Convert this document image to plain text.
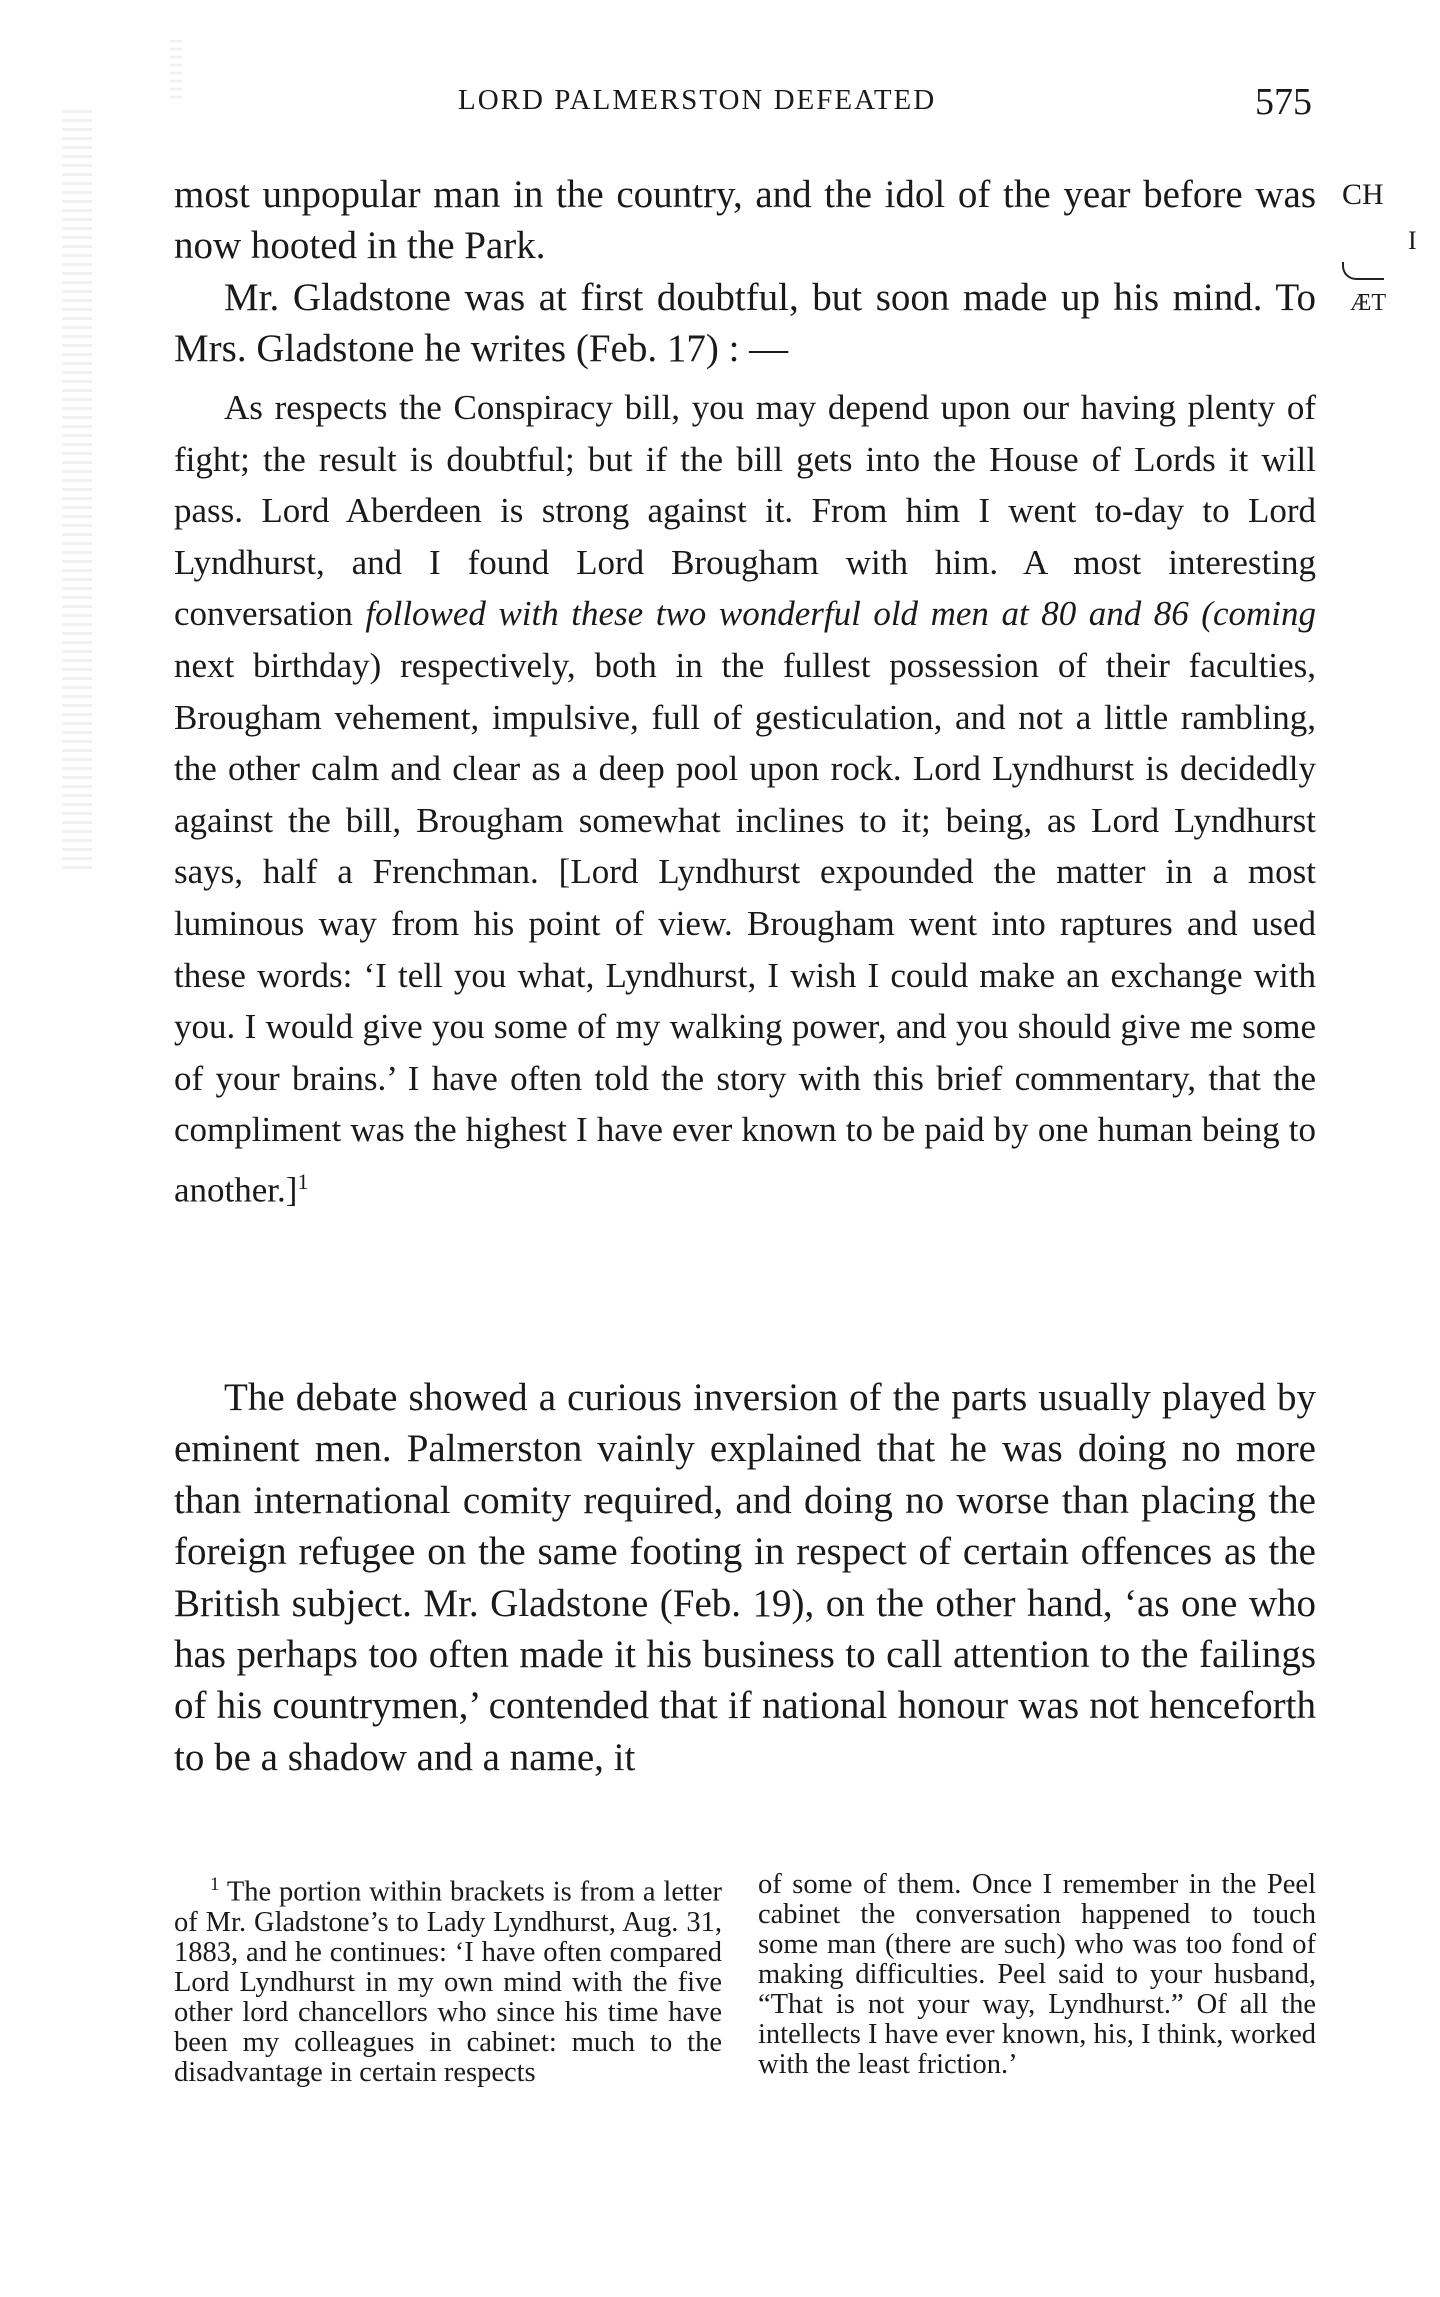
LORD PALMERSTON DEFEATED	575
CH
I
ÆT

most unpopular man in the country, and the idol of the year before was now hooted in the Park.

Mr. Gladstone was at first doubtful, but soon made up his mind. To Mrs. Gladstone he writes (Feb. 17) : —

As respects the Conspiracy bill, you may depend upon our having plenty of fight; the result is doubtful; but if the bill gets into the House of Lords it will pass. Lord Aberdeen is strong against it. From him I went to-day to Lord Lyndhurst, and I found Lord Brougham with him. A most interesting conversation followed with these two wonderful old men at 80 and 86 (coming next birthday) respectively, both in the fullest possession of their faculties, Brougham vehement, impulsive, full of gesticulation, and not a little rambling, the other calm and clear as a deep pool upon rock. Lord Lyndhurst is decidedly against the bill, Brougham somewhat inclines to it; being, as Lord Lyndhurst says, half a Frenchman. [Lord Lyndhurst expounded the matter in a most luminous way from his point of view. Brougham went into raptures and used these words: ‘I tell you what, Lyndhurst, I wish I could make an exchange with you. I would give you some of my walking power, and you should give me some of your brains.’ I have often told the story with this brief commentary, that the compliment was the highest I have ever known to be paid by one human being to another.]$^1$

The debate showed a curious inversion of the parts usually played by eminent men. Palmerston vainly explained that he was doing no more than international comity required, and doing no worse than placing the foreign refugee on the same footing in respect of certain offences as the British subject. Mr. Gladstone (Feb. 19), on the other hand, ‘as one who has perhaps too often made it his business to call attention to the failings of his countrymen,’ contended that if national honour was not henceforth to be a shadow and a name, it

$^1$ The portion within brackets is from a letter of Mr. Gladstone’s to Lady Lyndhurst, Aug. 31, 1883, and he continues: ‘I have often compared Lord Lyndhurst in my own mind with the five other lord chancellors who since his time have been my colleagues in cabinet: much to the disadvantage in certain respects
of some of them. Once I remember in the Peel cabinet the conversation happened to touch some man (there are such) who was too fond of making difficulties. Peel said to your husband, “That is not your way, Lyndhurst.” Of all the intellects I have ever known, his, I think, worked with the least friction.’
